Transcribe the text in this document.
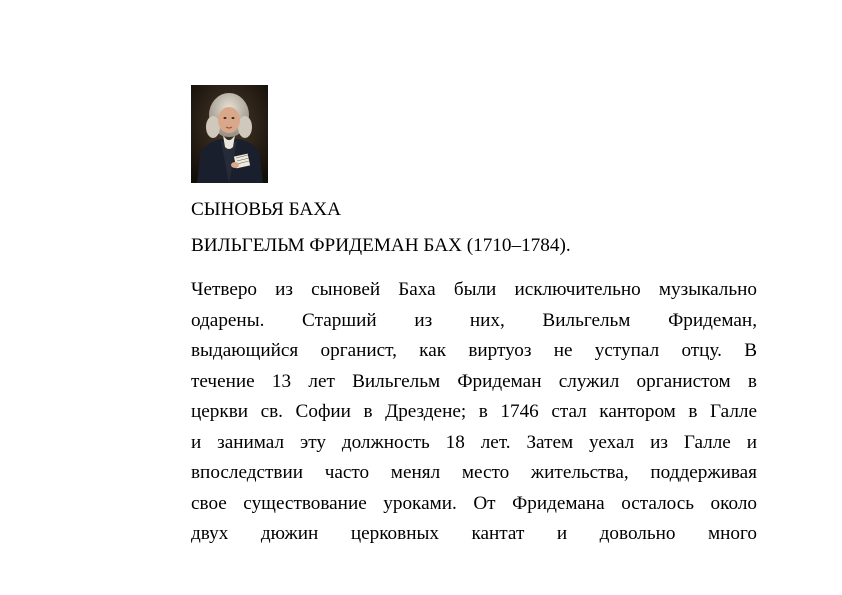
СЫНОВЬЯ БАХА
ВИЛЬГЕЛЬМ ФРИДЕМАН БАХ (1710–1784).
Четверо из сыновей Баха были исключительно музыкально
одарены. Старший из них, Вильгельм Фридеман,
выдающийся органист, как виртуоз не уступал отцу. В
течение 13 лет Вильгельм Фридеман служил органистом в
церкви св. Софии в Дрездене; в 1746 стал кантором в Галле
и занимал эту должность 18 лет. Затем уехал из Галле и
впоследствии часто менял место жительства, поддерживая
свое существование уроками. От Фридемана осталось около
двух дюжин церковных кантат и довольно много
